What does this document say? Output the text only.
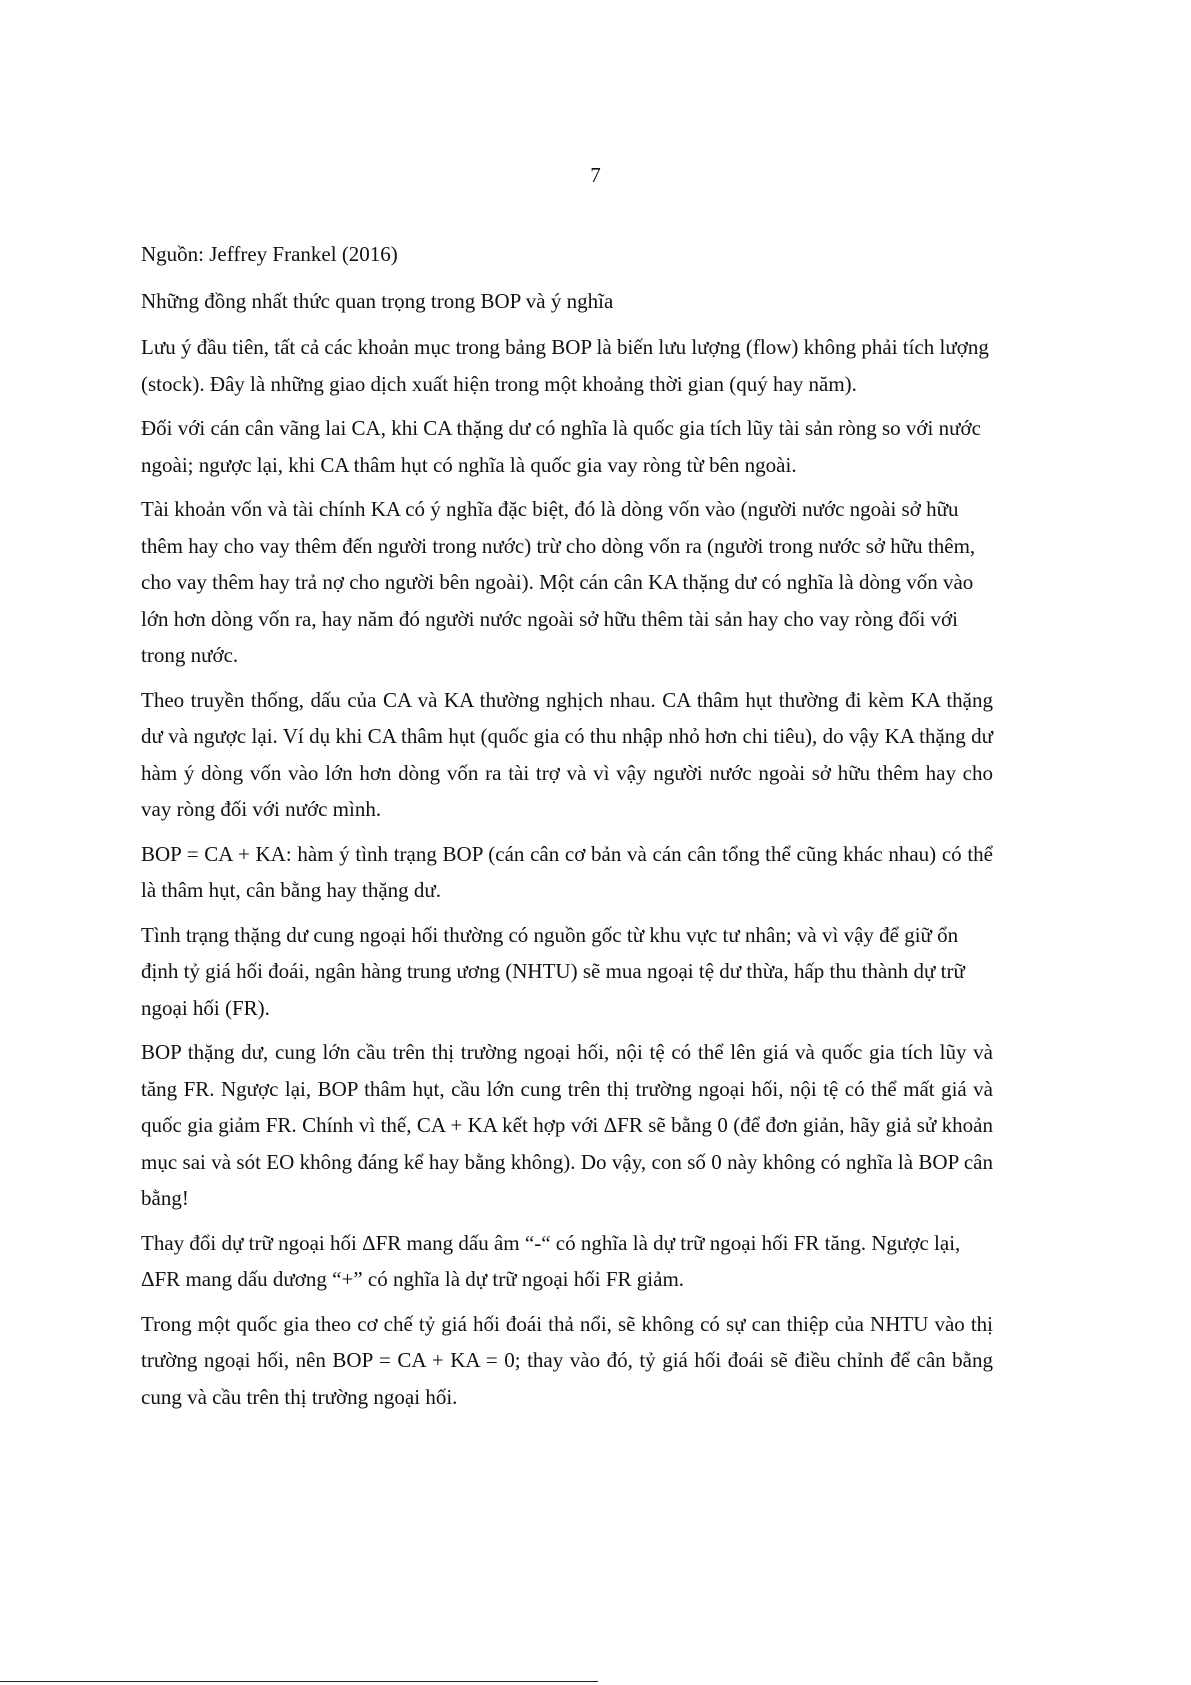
7

Nguồn: Jeffrey Frankel (2016)

Những đồng nhất thức quan trọng trong BOP và ý nghĩa

Lưu ý đầu tiên, tất cả các khoản mục trong bảng BOP là biến lưu lượng (flow) không phải tích lượng (stock). Đây là những giao dịch xuất hiện trong một khoảng thời gian (quý hay năm).

Đối với cán cân vãng lai CA, khi CA thặng dư có nghĩa là quốc gia tích lũy tài sản ròng so với nước ngoài; ngược lại, khi CA thâm hụt có nghĩa là quốc gia vay ròng từ bên ngoài.

Tài khoản vốn và tài chính KA có ý nghĩa đặc biệt, đó là dòng vốn vào (người nước ngoài sở hữu thêm hay cho vay thêm đến người trong nước) trừ cho dòng vốn ra (người trong nước sở hữu thêm, cho vay thêm hay trả nợ cho người bên ngoài). Một cán cân KA thặng dư có nghĩa là dòng vốn vào lớn hơn dòng vốn ra, hay năm đó người nước ngoài sở hữu thêm tài sản hay cho vay ròng đối với trong nước.

Theo truyền thống, dấu của CA và KA thường nghịch nhau. CA thâm hụt thường đi kèm KA thặng dư và ngược lại. Ví dụ khi CA thâm hụt (quốc gia có thu nhập nhỏ hơn chi tiêu), do vậy KA thặng dư hàm ý dòng vốn vào lớn hơn dòng vốn ra tài trợ và vì vậy người nước ngoài sở hữu thêm hay cho vay ròng đối với nước mình.

BOP = CA + KA: hàm ý tình trạng BOP (cán cân cơ bản và cán cân tổng thể cũng khác nhau) có thể là thâm hụt, cân bằng hay thặng dư.

Tình trạng thặng dư cung ngoại hối thường có nguồn gốc từ khu vực tư nhân; và vì vậy để giữ ổn định tỷ giá hối đoái, ngân hàng trung ương (NHTU) sẽ mua ngoại tệ dư thừa, hấp thu thành dự trữ ngoại hối (FR).

BOP thặng dư, cung lớn cầu trên thị trường ngoại hối, nội tệ có thể lên giá và quốc gia tích lũy và tăng FR. Ngược lại, BOP thâm hụt, cầu lớn cung trên thị trường ngoại hối, nội tệ có thể mất giá và quốc gia giảm FR. Chính vì thế, CA + KA kết hợp với ΔFR sẽ bằng 0 (để đơn giản, hãy giả sử khoản mục sai và sót EO không đáng kể hay bằng không). Do vậy, con số 0 này không có nghĩa là BOP cân bằng!

Thay đổi dự trữ ngoại hối ΔFR mang dấu âm “-“ có nghĩa là dự trữ ngoại hối FR tăng. Ngược lại, ΔFR mang dấu dương “+” có nghĩa là dự trữ ngoại hối FR giảm.

Trong một quốc gia theo cơ chế tỷ giá hối đoái thả nổi, sẽ không có sự can thiệp của NHTU vào thị trường ngoại hối, nên BOP = CA + KA = 0; thay vào đó, tỷ giá hối đoái sẽ điều chỉnh để cân bằng cung và cầu trên thị trường ngoại hối.
